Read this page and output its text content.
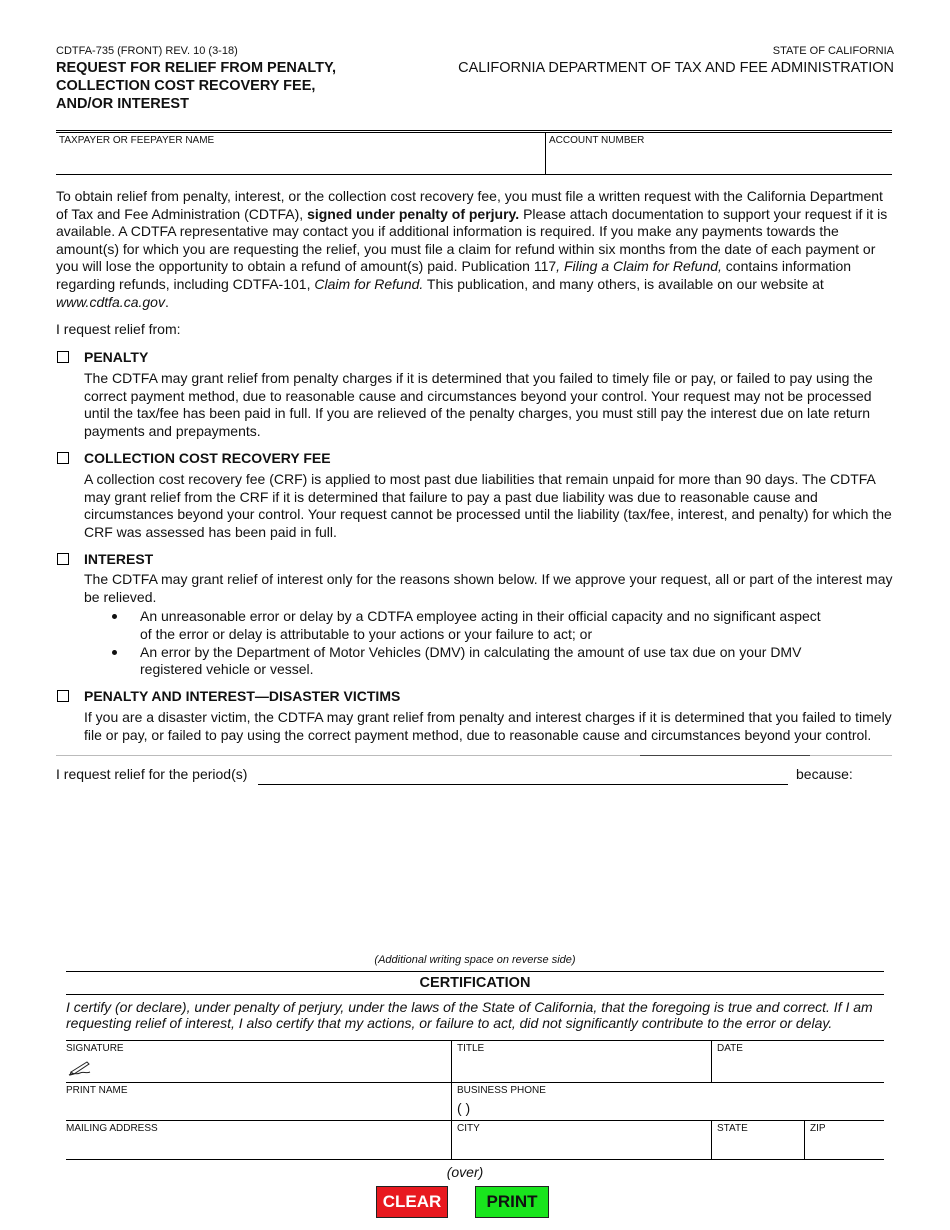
CDTFA-735 (FRONT) REV. 10 (3-18)
REQUEST FOR RELIEF FROM PENALTY,
COLLECTION COST RECOVERY FEE,
AND/OR INTEREST
STATE OF CALIFORNIA
CALIFORNIA DEPARTMENT OF TAX AND FEE ADMINISTRATION
TAXPAYER OR FEEPAYER NAME	ACCOUNT NUMBER
To obtain relief from penalty, interest, or the collection cost recovery fee, you must file a written request with the California Department of Tax and Fee Administration (CDTFA), signed under penalty of perjury. Please attach documentation to support your request if it is available. A CDTFA representative may contact you if additional information is required. If you make any payments towards the amount(s) for which you are requesting the relief, you must file a claim for refund within six months from the date of each payment or you will lose the opportunity to obtain a refund of amount(s) paid. Publication 117, Filing a Claim for Refund, contains information regarding refunds, including CDTFA-101, Claim for Refund. This publication, and many others, is available on our website at www.cdtfa.ca.gov.
I request relief from:
PENALTY
The CDTFA may grant relief from penalty charges if it is determined that you failed to timely file or pay, or failed to pay using the correct payment method, due to reasonable cause and circumstances beyond your control. Your request may not be processed until the tax/fee has been paid in full. If you are relieved of the penalty charges, you must still pay the interest due on late return payments and prepayments.
COLLECTION COST RECOVERY FEE
A collection cost recovery fee (CRF) is applied to most past due liabilities that remain unpaid for more than 90 days. The CDTFA may grant relief from the CRF if it is determined that failure to pay a past due liability was due to reasonable cause and circumstances beyond your control. Your request cannot be processed until the liability (tax/fee, interest, and penalty) for which the CRF was assessed has been paid in full.
INTEREST
The CDTFA may grant relief of interest only for the reasons shown below. If we approve your request, all or part of the interest may be relieved.
An unreasonable error or delay by a CDTFA employee acting in their official capacity and no significant aspect of the error or delay is attributable to your actions or your failure to act; or
An error by the Department of Motor Vehicles (DMV) in calculating the amount of use tax due on your DMV registered vehicle or vessel.
PENALTY AND INTEREST—DISASTER VICTIMS
If you are a disaster victim, the CDTFA may grant relief from penalty and interest charges if it is determined that you failed to timely file or pay, or failed to pay using the correct payment method, due to reasonable cause and circumstances beyond your control.
I request relief for the period(s)	because:
(Additional writing space on reverse side)
CERTIFICATION
I certify (or declare), under penalty of perjury, under the laws of the State of California, that the foregoing is true and correct. If I am requesting relief of interest, I also certify that my actions, or failure to act, did not significantly contribute to the error or delay.
SIGNATURE	TITLE	DATE
PRINT NAME	BUSINESS PHONE
( )
MAILING ADDRESS	CITY	STATE	ZIP
(over)
CLEAR	PRINT
